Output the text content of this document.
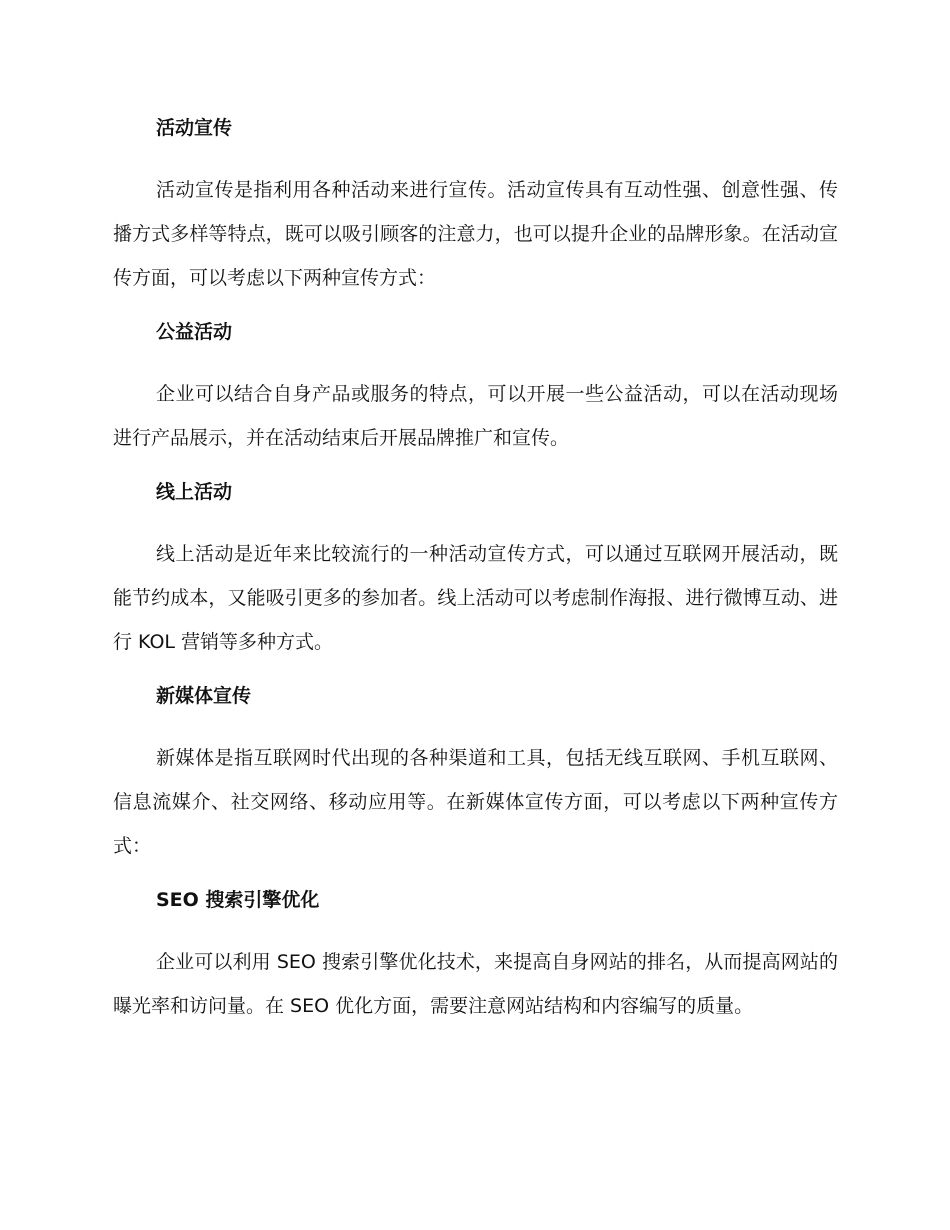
活动宣传

活动宣传是指利用各种活动来进行宣传。活动宣传具有互动性强、创意性强、传播方式多样等特点，既可以吸引顾客的注意力，也可以提升企业的品牌形象。在活动宣传方面，可以考虑以下两种宣传方式：

公益活动

企业可以结合自身产品或服务的特点，可以开展一些公益活动，可以在活动现场进行产品展示，并在活动结束后开展品牌推广和宣传。

线上活动

线上活动是近年来比较流行的一种活动宣传方式，可以通过互联网开展活动，既能节约成本，又能吸引更多的参加者。线上活动可以考虑制作海报、进行微博互动、进行 KOL 营销等多种方式。

新媒体宣传

新媒体是指互联网时代出现的各种渠道和工具，包括无线互联网、手机互联网、信息流媒介、社交网络、移动应用等。在新媒体宣传方面，可以考虑以下两种宣传方式：

SEO 搜索引擎优化

企业可以利用 SEO 搜索引擎优化技术，来提高自身网站的排名，从而提高网站的曝光率和访问量。在 SEO 优化方面，需要注意网站结构和内容编写的质量。
